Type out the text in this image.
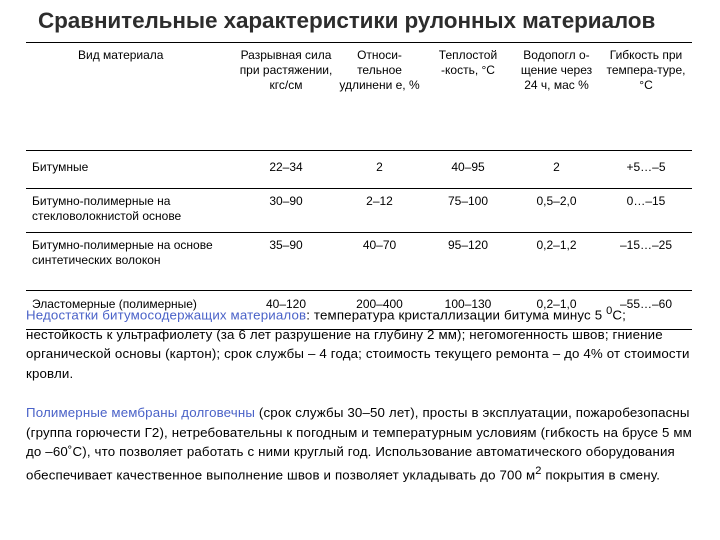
Сравнительные характеристики рулонных материалов
Вид материала	Разрывная сила при растяжении, кгс/см	Относи-тельное удлинени е, %	Теплостой -кость, °С	Водопогл о-щение через 24 ч, мас %	Гибкость при темпера-туре, °С
Битумные	22–34	2	40–95	2	+5…–5
Битумно-полимерные на стекловолокнистой основе	30–90	2–12	75–100	0,5–2,0	0…–15
Битумно-полимерные на основе синтетических волокон	35–90	40–70	95–120	0,2–1,2	–15…–25
Эластомерные (полимерные)	40–120	200–400	100–130	0,2–1,0	–55…–60
Недостатки битумосодержащих материалов: температура кристаллизации битума минус 5 $^0$С; нестойкость к ультрафиолету (за 6 лет разрушение на глубину 2 мм); негомогенность швов; гниение органической основы (картон); срок службы – 4 года; стоимость текущего ремонта – до 4% от стоимости кровли.
Полимерные мембраны долговечны (срок службы 30–50 лет), просты в эксплуатации, пожаробезопасны (группа горючести Г2), нетребовательны к погодным и температурным условиям (гибкость на брусе 5 мм до –60˚С), что позволяет работать с ними круглый год. Использование автоматического оборудования обеспечивает качественное выполнение швов и позволяет укладывать до 700 $м^2$ покрытия в смену.
